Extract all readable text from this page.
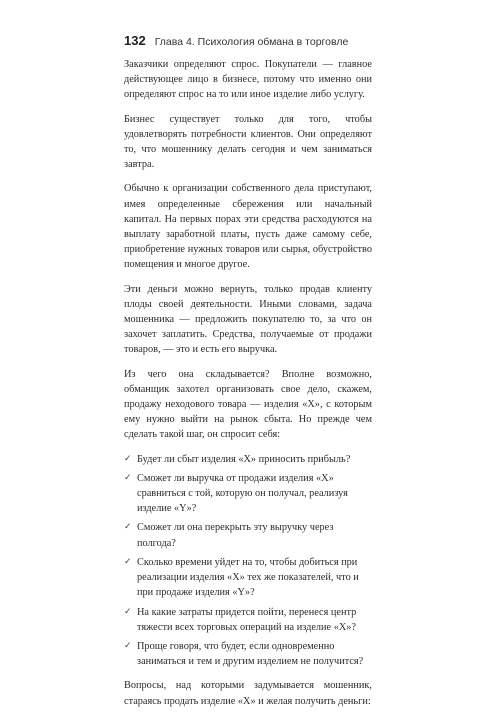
132 Глава 4. Психология обмана в торговле

Заказчики определяют спрос. Покупатели — главное действующее лицо в бизнесе, потому что именно они определяют спрос на то или иное изделие либо услугу.

Бизнес существует только для того, чтобы удовлетворять потребности клиентов. Они определяют то, что мошеннику делать сегодня и чем заниматься завтра.

Обычно к организации собственного дела приступают, имея определенные сбережения или начальный капитал. На первых порах эти средства расходуются на выплату заработной платы, пусть даже самому себе, приобретение нужных товаров или сырья, обустройство помещения и многое другое.

Эти деньги можно вернуть, только продав клиенту плоды своей деятельности. Иными словами, задача мошенника — предложить покупателю то, за что он захочет заплатить. Средства, получаемые от продажи товаров, — это и есть его выручка.

Из чего она складывается? Вполне возможно, обманщик захотел организовать свое дело, скажем, продажу неходового товара — изделия «X», с которым ему нужно выйти на рынок сбыта. Но прежде чем сделать такой шаг, он спросит себя:

✓ Будет ли сбыт изделия «X» приносить прибыль?
✓ Сможет ли выручка от продажи изделия «X» сравниться с той, которую он получал, реализуя изделие «Y»?
✓ Сможет ли она перекрыть эту выручку через полгода?
✓ Сколько времени уйдет на то, чтобы добиться при реализации изделия «X» тех же показателей, что и при продаже изделия «Y»?
✓ На какие затраты придется пойти, перенеся центр тяжести всех торговых операций на изделие «X»?
✓ Проще говоря, что будет, если одновременно заниматься и тем и другим изделием не получится?

Вопросы, над которыми задумывается мошенник, стараясь продать изделие «X» и желая получить деньги:
